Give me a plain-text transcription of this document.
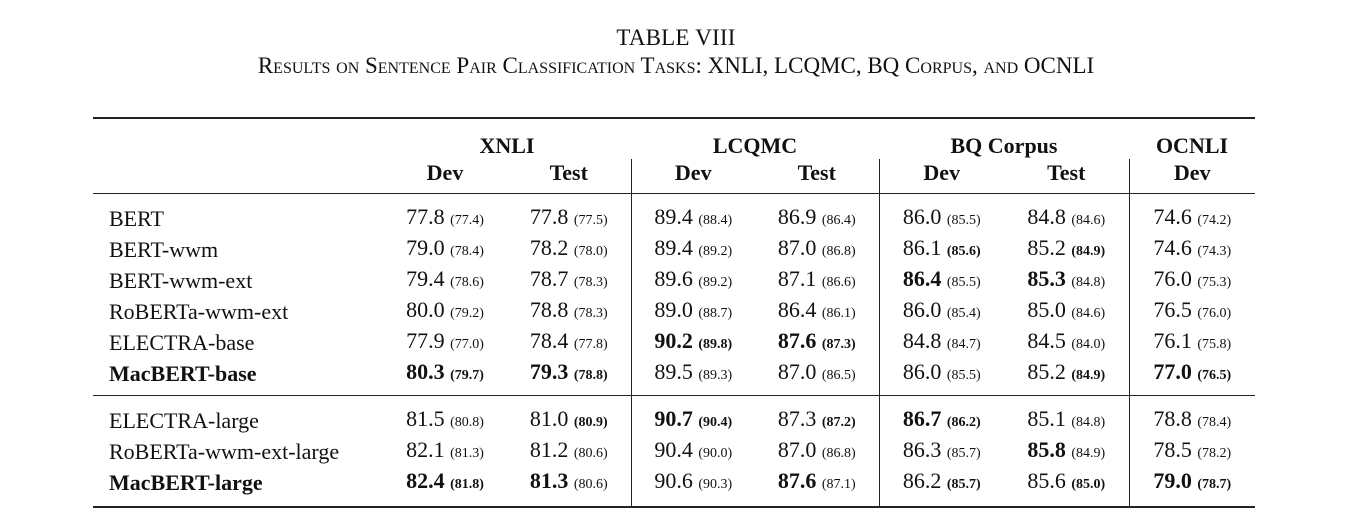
TABLE VIII
Results on Sentence Pair Classification Tasks: XNLI, LCQMC, BQ Corpus, and OCNLI
	XNLI		LCQMC		BQ Corpus		OCNLI
	Dev	Test	Dev	Test	Dev	Test	Dev
BERT	77.8 (77.4)	77.8 (77.5)	89.4 (88.4)	86.9 (86.4)	86.0 (85.5)	84.8 (84.6)	74.6 (74.2)
BERT-wwm	79.0 (78.4)	78.2 (78.0)	89.4 (89.2)	87.0 (86.8)	86.1 (85.6)	85.2 (84.9)	74.6 (74.3)
BERT-wwm-ext	79.4 (78.6)	78.7 (78.3)	89.6 (89.2)	87.1 (86.6)	86.4 (85.5)	85.3 (84.8)	76.0 (75.3)
RoBERTa-wwm-ext	80.0 (79.2)	78.8 (78.3)	89.0 (88.7)	86.4 (86.1)	86.0 (85.4)	85.0 (84.6)	76.5 (76.0)
ELECTRA-base	77.9 (77.0)	78.4 (77.8)	90.2 (89.8)	87.6 (87.3)	84.8 (84.7)	84.5 (84.0)	76.1 (75.8)
MacBERT-base	80.3 (79.7)	79.3 (78.8)	89.5 (89.3)	87.0 (86.5)	86.0 (85.5)	85.2 (84.9)	77.0 (76.5)
ELECTRA-large	81.5 (80.8)	81.0 (80.9)	90.7 (90.4)	87.3 (87.2)	86.7 (86.2)	85.1 (84.8)	78.8 (78.4)
RoBERTa-wwm-ext-large	82.1 (81.3)	81.2 (80.6)	90.4 (90.0)	87.0 (86.8)	86.3 (85.7)	85.8 (84.9)	78.5 (78.2)
MacBERT-large	82.4 (81.8)	81.3 (80.6)	90.6 (90.3)	87.6 (87.1)	86.2 (85.7)	85.6 (85.0)	79.0 (78.7)
